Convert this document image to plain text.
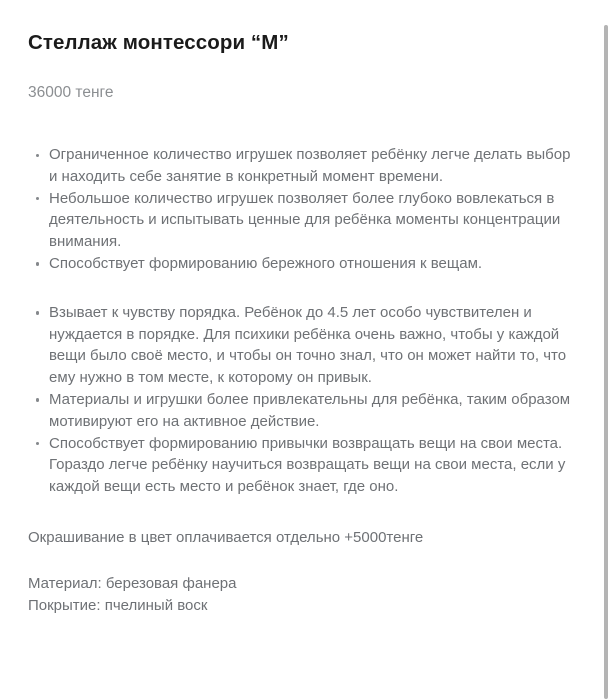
Стеллаж монтессори “М”

36000 тенге

Ограниченное количество игрушек позволяет ребёнку легче делать выбор и находить себе занятие в конкретный момент времени.
Небольшое количество игрушек позволяет более глубоко вовлекаться в деятельность и испытывать ценные для ребёнка моменты концентрации внимания.
Способствует формированию бережного отношения к вещам.
Взывает к чувству порядка. Ребёнок до 4.5 лет особо чувствителен и нуждается в порядке. Для психики ребёнка очень важно, чтобы у каждой вещи было своё место, и чтобы он точно знал, что он может найти то, что ему нужно в том месте, к которому он привык.
Материалы и игрушки более привлекательны для ребёнка, таким образом мотивируют его на активное действие.
Способствует формированию привычки возвращать вещи на свои места. Гораздо легче ребёнку научиться возвращать вещи на свои места, если у каждой вещи есть место и ребёнок знает, где оно.

Окрашивание в цвет оплачивается отдельно +5000тенге

Материал: березовая фанера
Покрытие: пчелиный воск
